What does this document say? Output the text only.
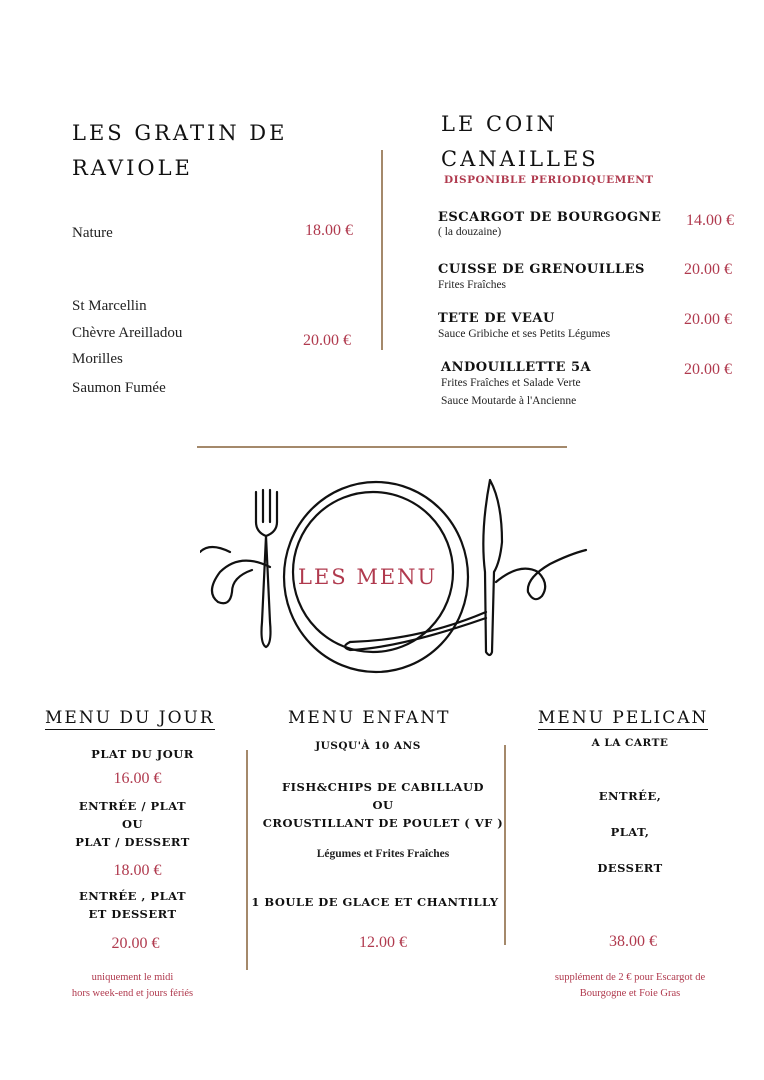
LES GRATIN DE
RAVIOLE
Nature	18.00 €
St Marcellin
Chèvre Areilladou
Morilles
Saumon Fumée
20.00 €
LE COIN
CANAILLES
DISPONIBLE PERIODIQUEMENT
ESCARGOT DE BOURGOGNE
( la douzaine)
14.00 €
CUISSE DE GRENOUILLES
Frites Fraîches
20.00 €
TETE DE VEAU
Sauce Gribiche et ses Petits Légumes
20.00 €
ANDOUILLETTE 5A
Frites Fraîches et Salade Verte
Sauce Moutarde à l'Ancienne
20.00 €
LES MENU
MENU DU JOUR
PLAT DU JOUR
16.00 €
ENTRÉE / PLAT
OU
PLAT / DESSERT
18.00 €
ENTRÉE , PLAT
ET DESSERT
20.00 €
uniquement le midi
hors week-end et jours fériés
MENU ENFANT
JUSQU'À 10 ANS
FISH&CHIPS DE CABILLAUD
OU
CROUSTILLANT DE POULET ( VF )
Légumes et Frites Fraîches
1 BOULE DE GLACE ET CHANTILLY
12.00 €
MENU PELICAN
A LA CARTE
ENTRÉE,
PLAT,
DESSERT
38.00 €
supplément de 2 € pour Escargot de
Bourgogne et Foie Gras
